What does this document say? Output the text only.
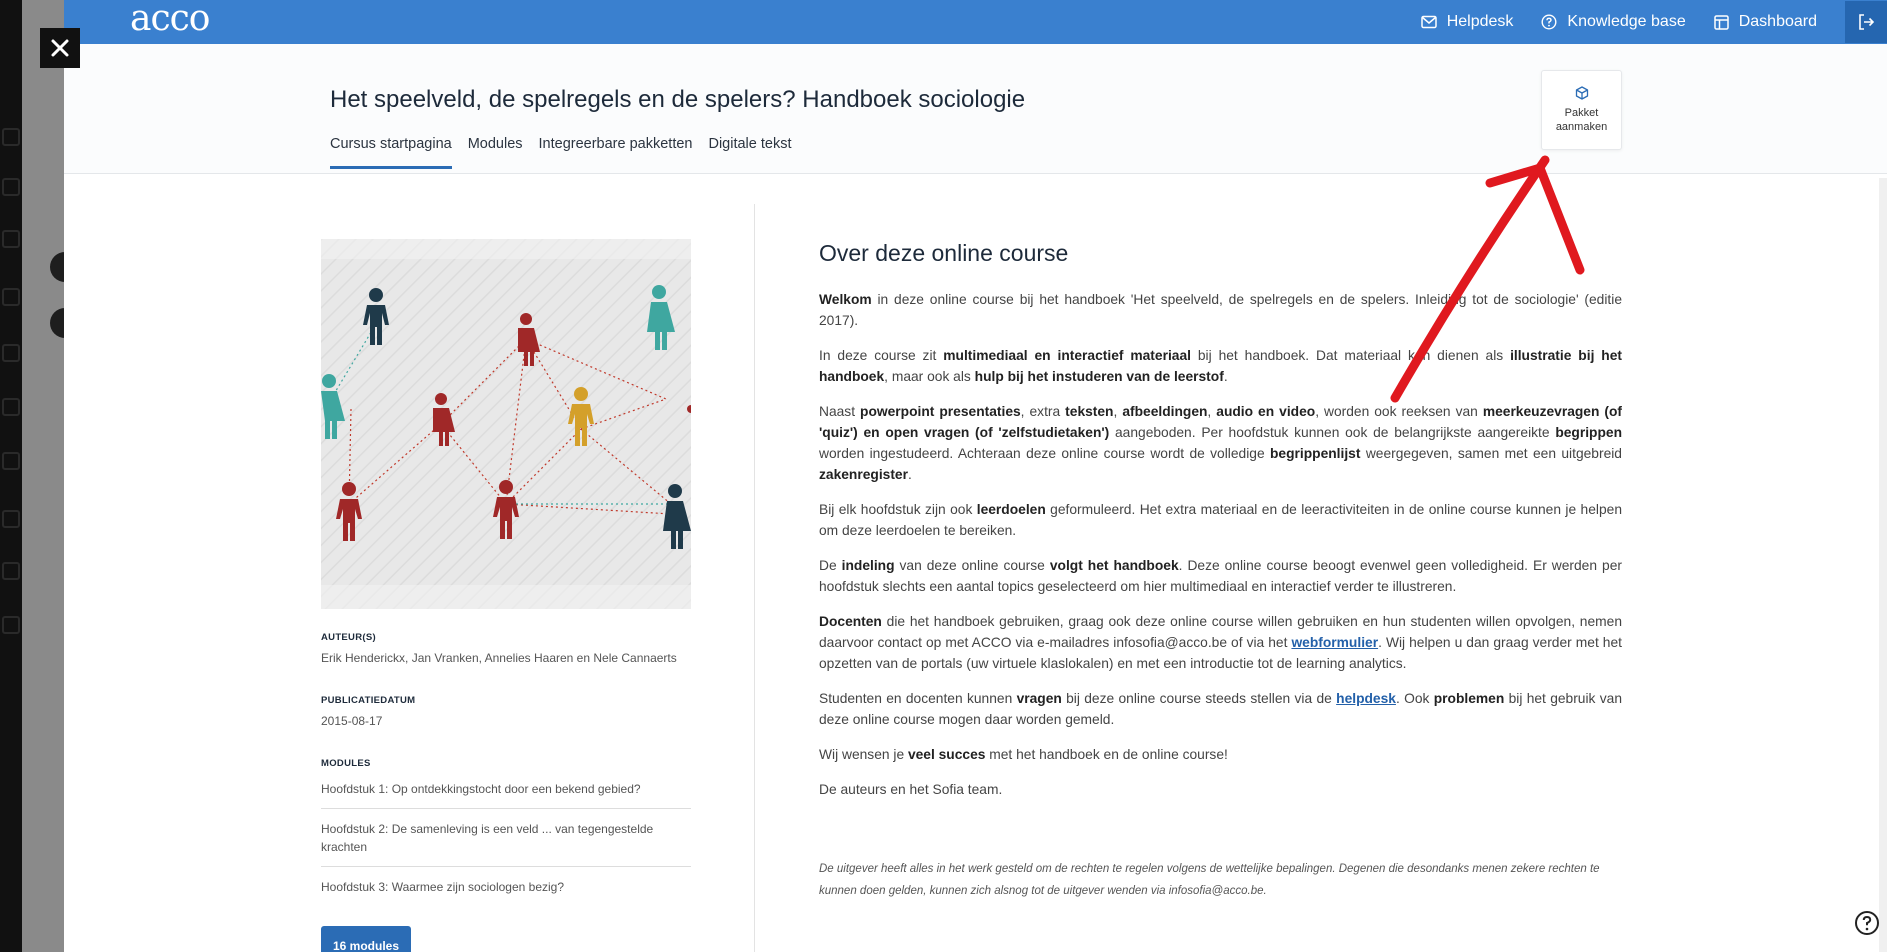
acco	Helpdesk	Knowledge base	Dashboard
Het speelveld, de spelregels en de spelers? Handboek sociologie
Cursus startpagina Modules Integreerbare pakketten Digitale tekst
Pakket
aanmaken
AUTEUR(S)
Erik Henderickx, Jan Vranken, Annelies Haaren en Nele Cannaerts
PUBLICATIEDATUM
2015-08-17
MODULES
Hoofdstuk 1: Op ontdekkingstocht door een bekend gebied?
Hoofdstuk 2: De samenleving is een veld ... van tegengestelde krachten
Hoofdstuk 3: Waarmee zijn sociologen bezig?
16 modules
Over deze online course

Welkom in deze online course bij het handboek 'Het speelveld, de spelregels en de spelers. Inleiding tot de sociologie' (editie 2017).

In deze course zit multimediaal en interactief materiaal bij het handboek. Dat materiaal kan dienen als illustratie bij het handboek, maar ook als hulp bij het instuderen van de leerstof.

Naast powerpoint presentaties, extra teksten, afbeeldingen, audio en video, worden ook reeksen van meerkeuzevragen (of 'quiz') en open vragen (of 'zelfstudietaken') aangeboden. Per hoofdstuk kunnen ook de belangrijkste aangereikte begrippen worden ingestudeerd. Achteraan deze online course wordt de volledige begrippenlijst weergegeven, samen met een uitgebreid zakenregister.

Bij elk hoofdstuk zijn ook leerdoelen geformuleerd. Het extra materiaal en de leeractiviteiten in de online course kunnen je helpen om deze leerdoelen te bereiken.

De indeling van deze online course volgt het handboek. Deze online course beoogt evenwel geen volledigheid. Er werden per hoofdstuk slechts een aantal topics geselecteerd om hier multimediaal en interactief verder te illustreren.

Docenten die het handboek gebruiken, graag ook deze online course willen gebruiken en hun studenten willen opvolgen, nemen daarvoor contact op met ACCO via e-mailadres infosofia@acco.be of via het webformulier. Wij helpen u dan graag verder met het opzetten van de portals (uw virtuele klaslokalen) en met een introductie tot de learning analytics.

Studenten en docenten kunnen vragen bij deze online course steeds stellen via de helpdesk. Ook problemen bij het gebruik van deze online course mogen daar worden gemeld.

Wij wensen je veel succes met het handboek en de online course!

De auteurs en het Sofia team.

De uitgever heeft alles in het werk gesteld om de rechten te regelen volgens de wettelijke bepalingen. Degenen die desondanks menen zekere rechten te kunnen doen gelden, kunnen zich alsnog tot de uitgever wenden via infosofia@acco.be.
